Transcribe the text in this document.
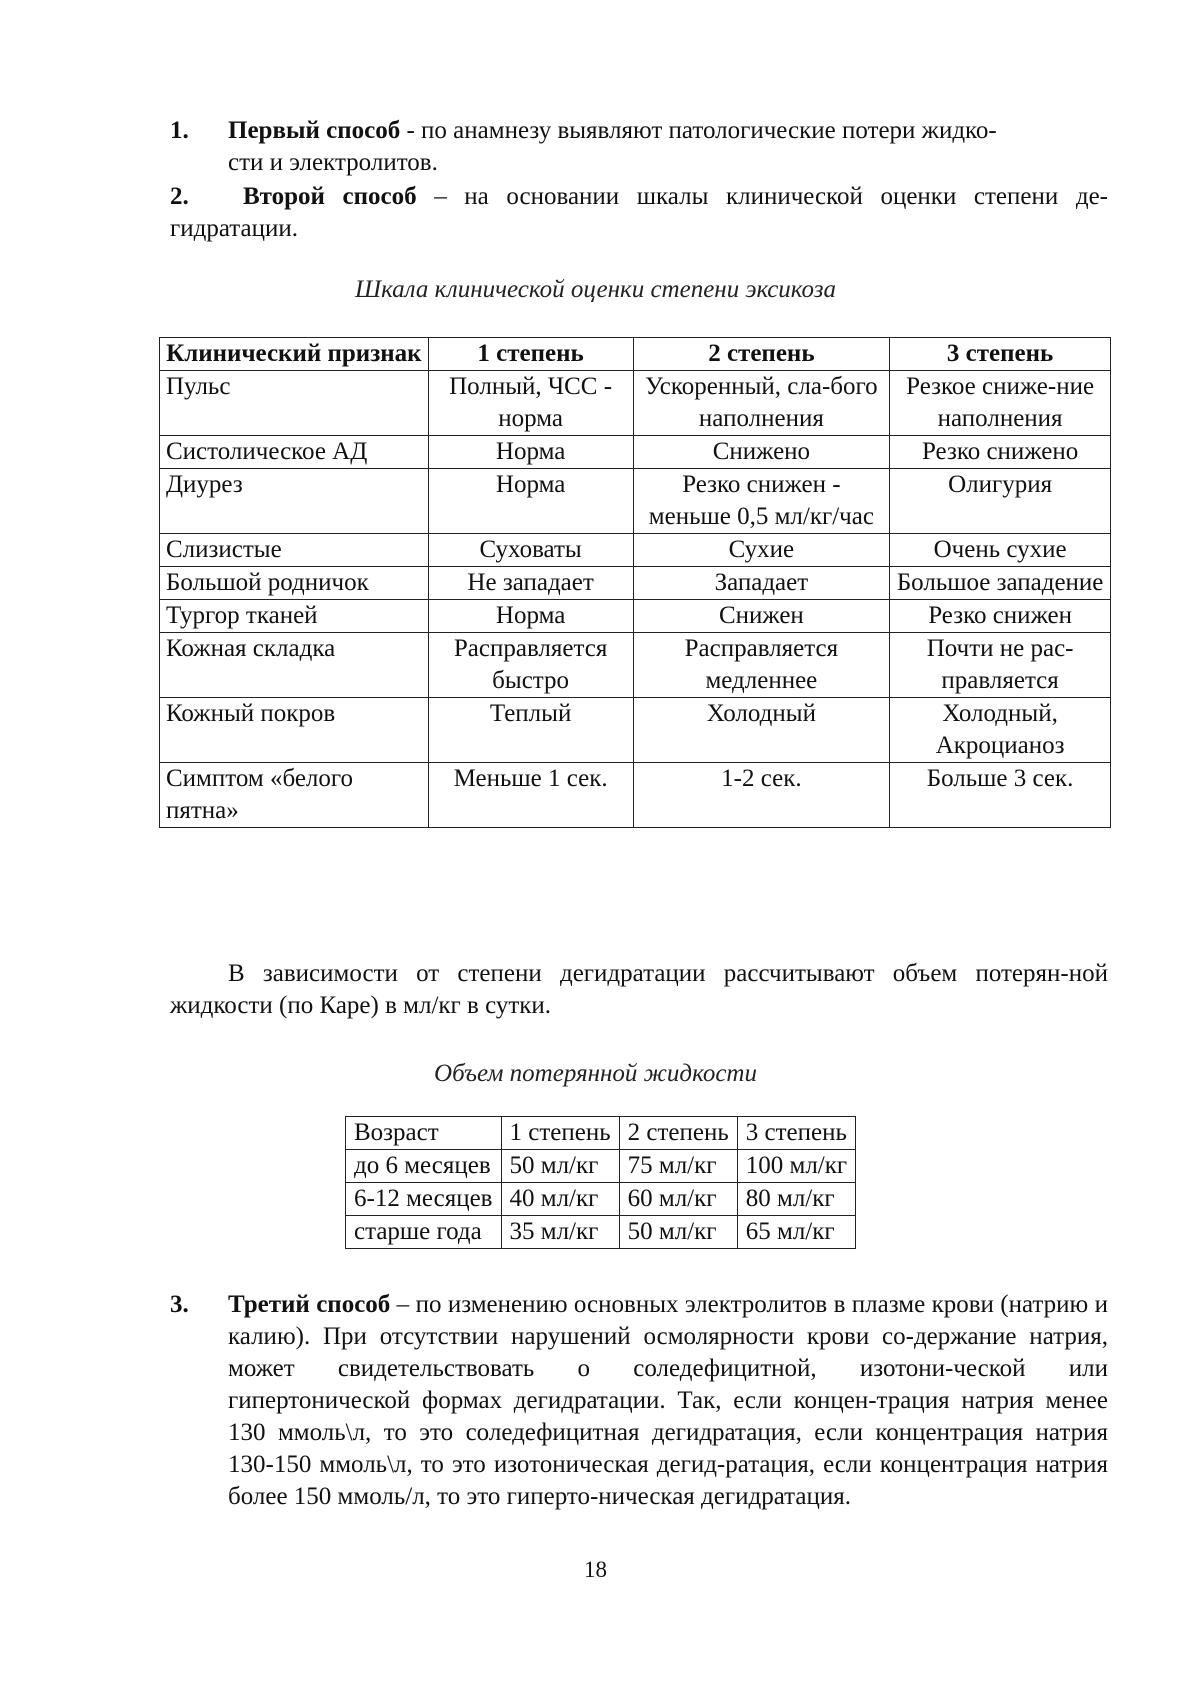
1.	Первый способ - по анамнезу выявляют патологические потери жидко-
сти и электролитов.
2.	Второй способ – на основании шкалы клинической оценки степени де-гидратации.
Шкала клинической оценки степени эксикоза
Клинический признак	1 степень	2 степень	3 степень
Пульс	Полный, ЧСС - норма	Ускоренный, сла-бого наполнения	Резкое сниже-ние наполнения
Систолическое АД	Норма	Снижено	Резко снижено
Диурез	Норма	Резко снижен - меньше 0,5 мл/кг/час	Олигурия
Слизистые	Суховаты	Сухие	Очень сухие
Большой родничок	Не западает	Западает	Большое западение
Тургор тканей	Норма	Снижен	Резко снижен
Кожная складка	Расправляется быстро	Расправляется медленнее	Почти не рас-правляется
Кожный покров	Теплый	Холодный	Холодный, Акроцианоз
Симптом «белого пятна»	Меньше 1 сек.	1-2 сек.	Больше 3 сек.
В зависимости от степени дегидратации рассчитывают объем потерян-ной жидкости (по Каре) в мл/кг в сутки.
Объем потерянной жидкости
Возраст	1 степень	2 степень	3 степень
до 6 месяцев	50 мл/кг	75 мл/кг	100 мл/кг
6-12 месяцев	40 мл/кг	60 мл/кг	80 мл/кг
старше года	35 мл/кг	50 мл/кг	65 мл/кг
3.	Третий способ – по изменению основных электролитов в плазме крови (натрию и калию). При отсутствии нарушений осмолярности крови со-держание натрия, может свидетельствовать о соледефицитной, изотони-ческой или гипертонической формах дегидратации. Так, если концен-трация натрия менее 130 ммоль\л, то это соледефицитная дегидратация, если концентрация натрия 130-150 ммоль\л, то это изотоническая дегид-ратация, если концентрация натрия более 150 ммоль/л, то это гиперто-ническая дегидратация.
18
